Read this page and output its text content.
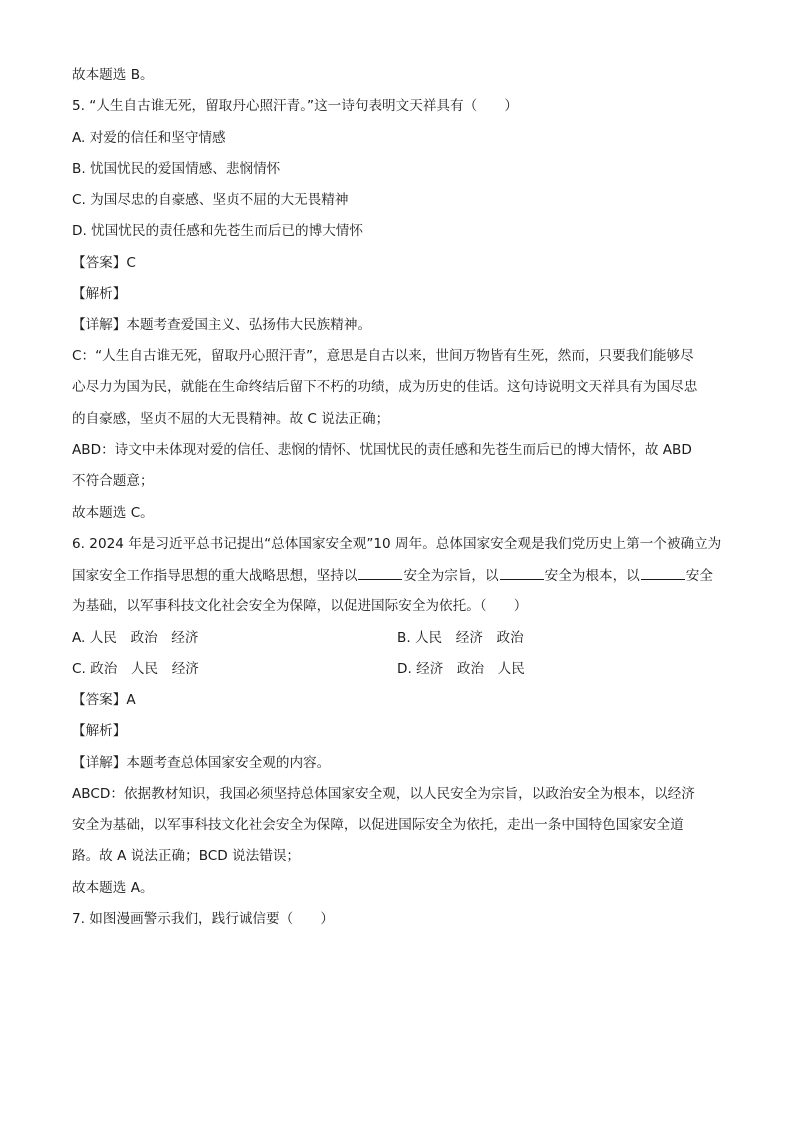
故本题选 B。
5. “人生自古谁无死，留取丹心照汗青。”这一诗句表明文天祥具有（　　）
A. 对爱的信任和坚守情感
B. 忧国忧民的爱国情感、悲悯情怀
C. 为国尽忠的自豪感、坚贞不屈的大无畏精神
D. 忧国忧民的责任感和先苍生而后已的博大情怀
【答案】C
【解析】
【详解】本题考查爱国主义、弘扬伟大民族精神。
C：“人生自古谁无死，留取丹心照汗青”，意思是自古以来，世间万物皆有生死，然而，只要我们能够尽
心尽力为国为民，就能在生命终结后留下不朽的功绩，成为历史的佳话。这句诗说明文天祥具有为国尽忠
的自豪感，坚贞不屈的大无畏精神。故 C 说法正确；
ABD：诗文中未体现对爱的信任、悲悯的情怀、忧国忧民的责任感和先苍生而后已的博大情怀，故 ABD
不符合题意；
故本题选 C。
6. 2024 年是习近平总书记提出“总体国家安全观”10 周年。总体国家安全观是我们党历史上第一个被确立为
国家安全工作指导思想的重大战略思想，坚持以	安全为宗旨，以	安全为根本，以	安全
为基础，以军事科技文化社会安全为保障，以促进国际安全为依托。（　　）
A. 人民　政治　经济	B. 人民　经济　政治
C. 政治　人民　经济	D. 经济　政治　人民
【答案】A
【解析】
【详解】本题考查总体国家安全观的内容。
ABCD：依据教材知识，我国必须坚持总体国家安全观，以人民安全为宗旨，以政治安全为根本，以经济
安全为基础，以军事科技文化社会安全为保障，以促进国际安全为依托，走出一条中国特色国家安全道
路。故 A 说法正确；BCD 说法错误；
故本题选 A。
7. 如图漫画警示我们，践行诚信要（　　）
